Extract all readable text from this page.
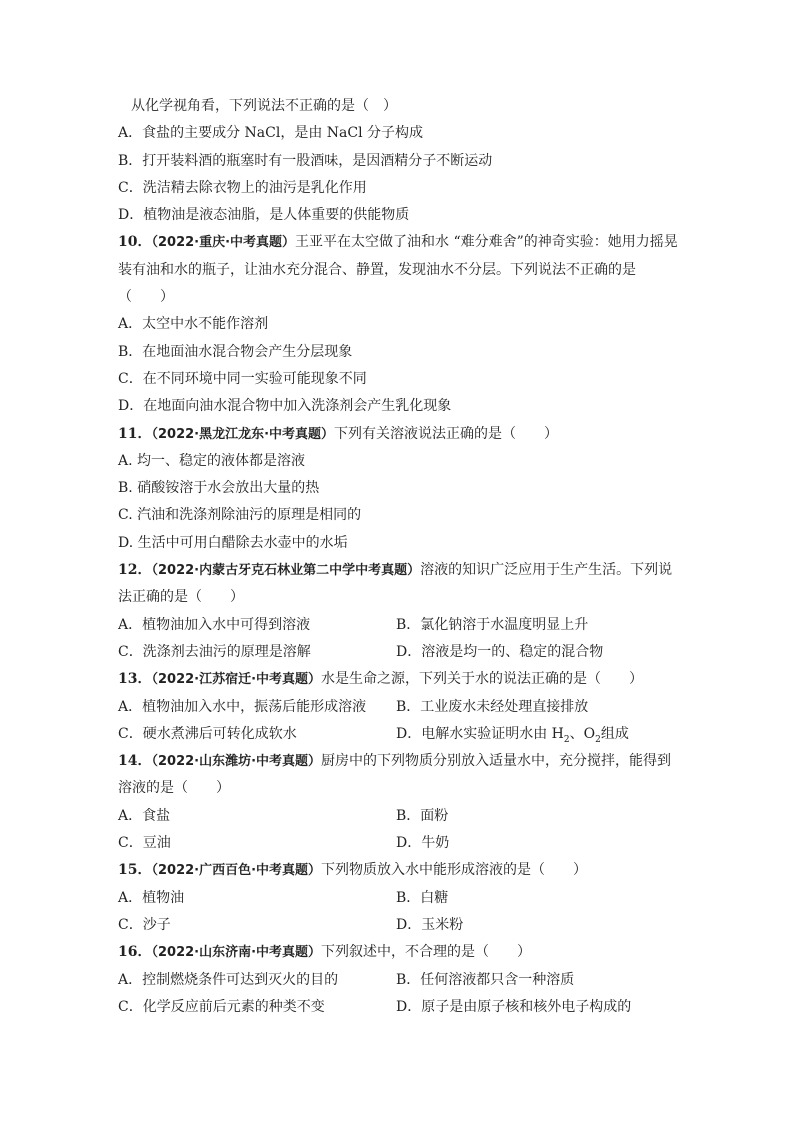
从化学视角看，下列说法不正确的是（　）
A．食盐的主要成分 NaCl，是由 NaCl 分子构成
B．打开装料酒的瓶塞时有一股酒味，是因酒精分子不断运动
C．洗洁精去除衣物上的油污是乳化作用
D．植物油是液态油脂，是人体重要的供能物质
10．（2022·重庆·中考真题）王亚平在太空做了油和水 “难分难舍”的神奇实验：她用力摇晃
装有油和水的瓶子，让油水充分混合、静置，发现油水不分层。下列说法不正确的是
（　　）
A．太空中水不能作溶剂
B．在地面油水混合物会产生分层现象
C．在不同环境中同一实验可能现象不同
D．在地面向油水混合物中加入洗涤剂会产生乳化现象
11．（2022·黑龙江龙东·中考真题）下列有关溶液说法正确的是（　　）
A. 均一、稳定的液体都是溶液
B. 硝酸铵溶于水会放出大量的热
C. 汽油和洗涤剂除油污的原理是相同的
D. 生活中可用白醋除去水壶中的水垢
12．（2022·内蒙古牙克石林业第二中学中考真题）溶液的知识广泛应用于生产生活。下列说
法正确的是（　　）
A．植物油加入水中可得到溶液	B．氯化钠溶于水温度明显上升
C．洗涤剂去油污的原理是溶解	D．溶液是均一的、稳定的混合物
13．（2022·江苏宿迁·中考真题）水是生命之源，下列关于水的说法正确的是（　　）
A．植物油加入水中，振荡后能形成溶液	B．工业废水未经处理直接排放
C．硬水煮沸后可转化成软水	D．电解水实验证明水由 $H_2$、$O_2$组成
14．（2022·山东潍坊·中考真题）厨房中的下列物质分别放入适量水中，充分搅拌，能得到
溶液的是（　　）
A．食盐	B．面粉
C．豆油	D．牛奶
15．（2022·广西百色·中考真题）下列物质放入水中能形成溶液的是（　　）
A．植物油	B．白糖
C．沙子	D．玉米粉
16．（2022·山东济南·中考真题）下列叙述中，不合理的是（　　）
A．控制燃烧条件可达到灭火的目的	B．任何溶液都只含一种溶质
C．化学反应前后元素的种类不变	D．原子是由原子核和核外电子构成的
